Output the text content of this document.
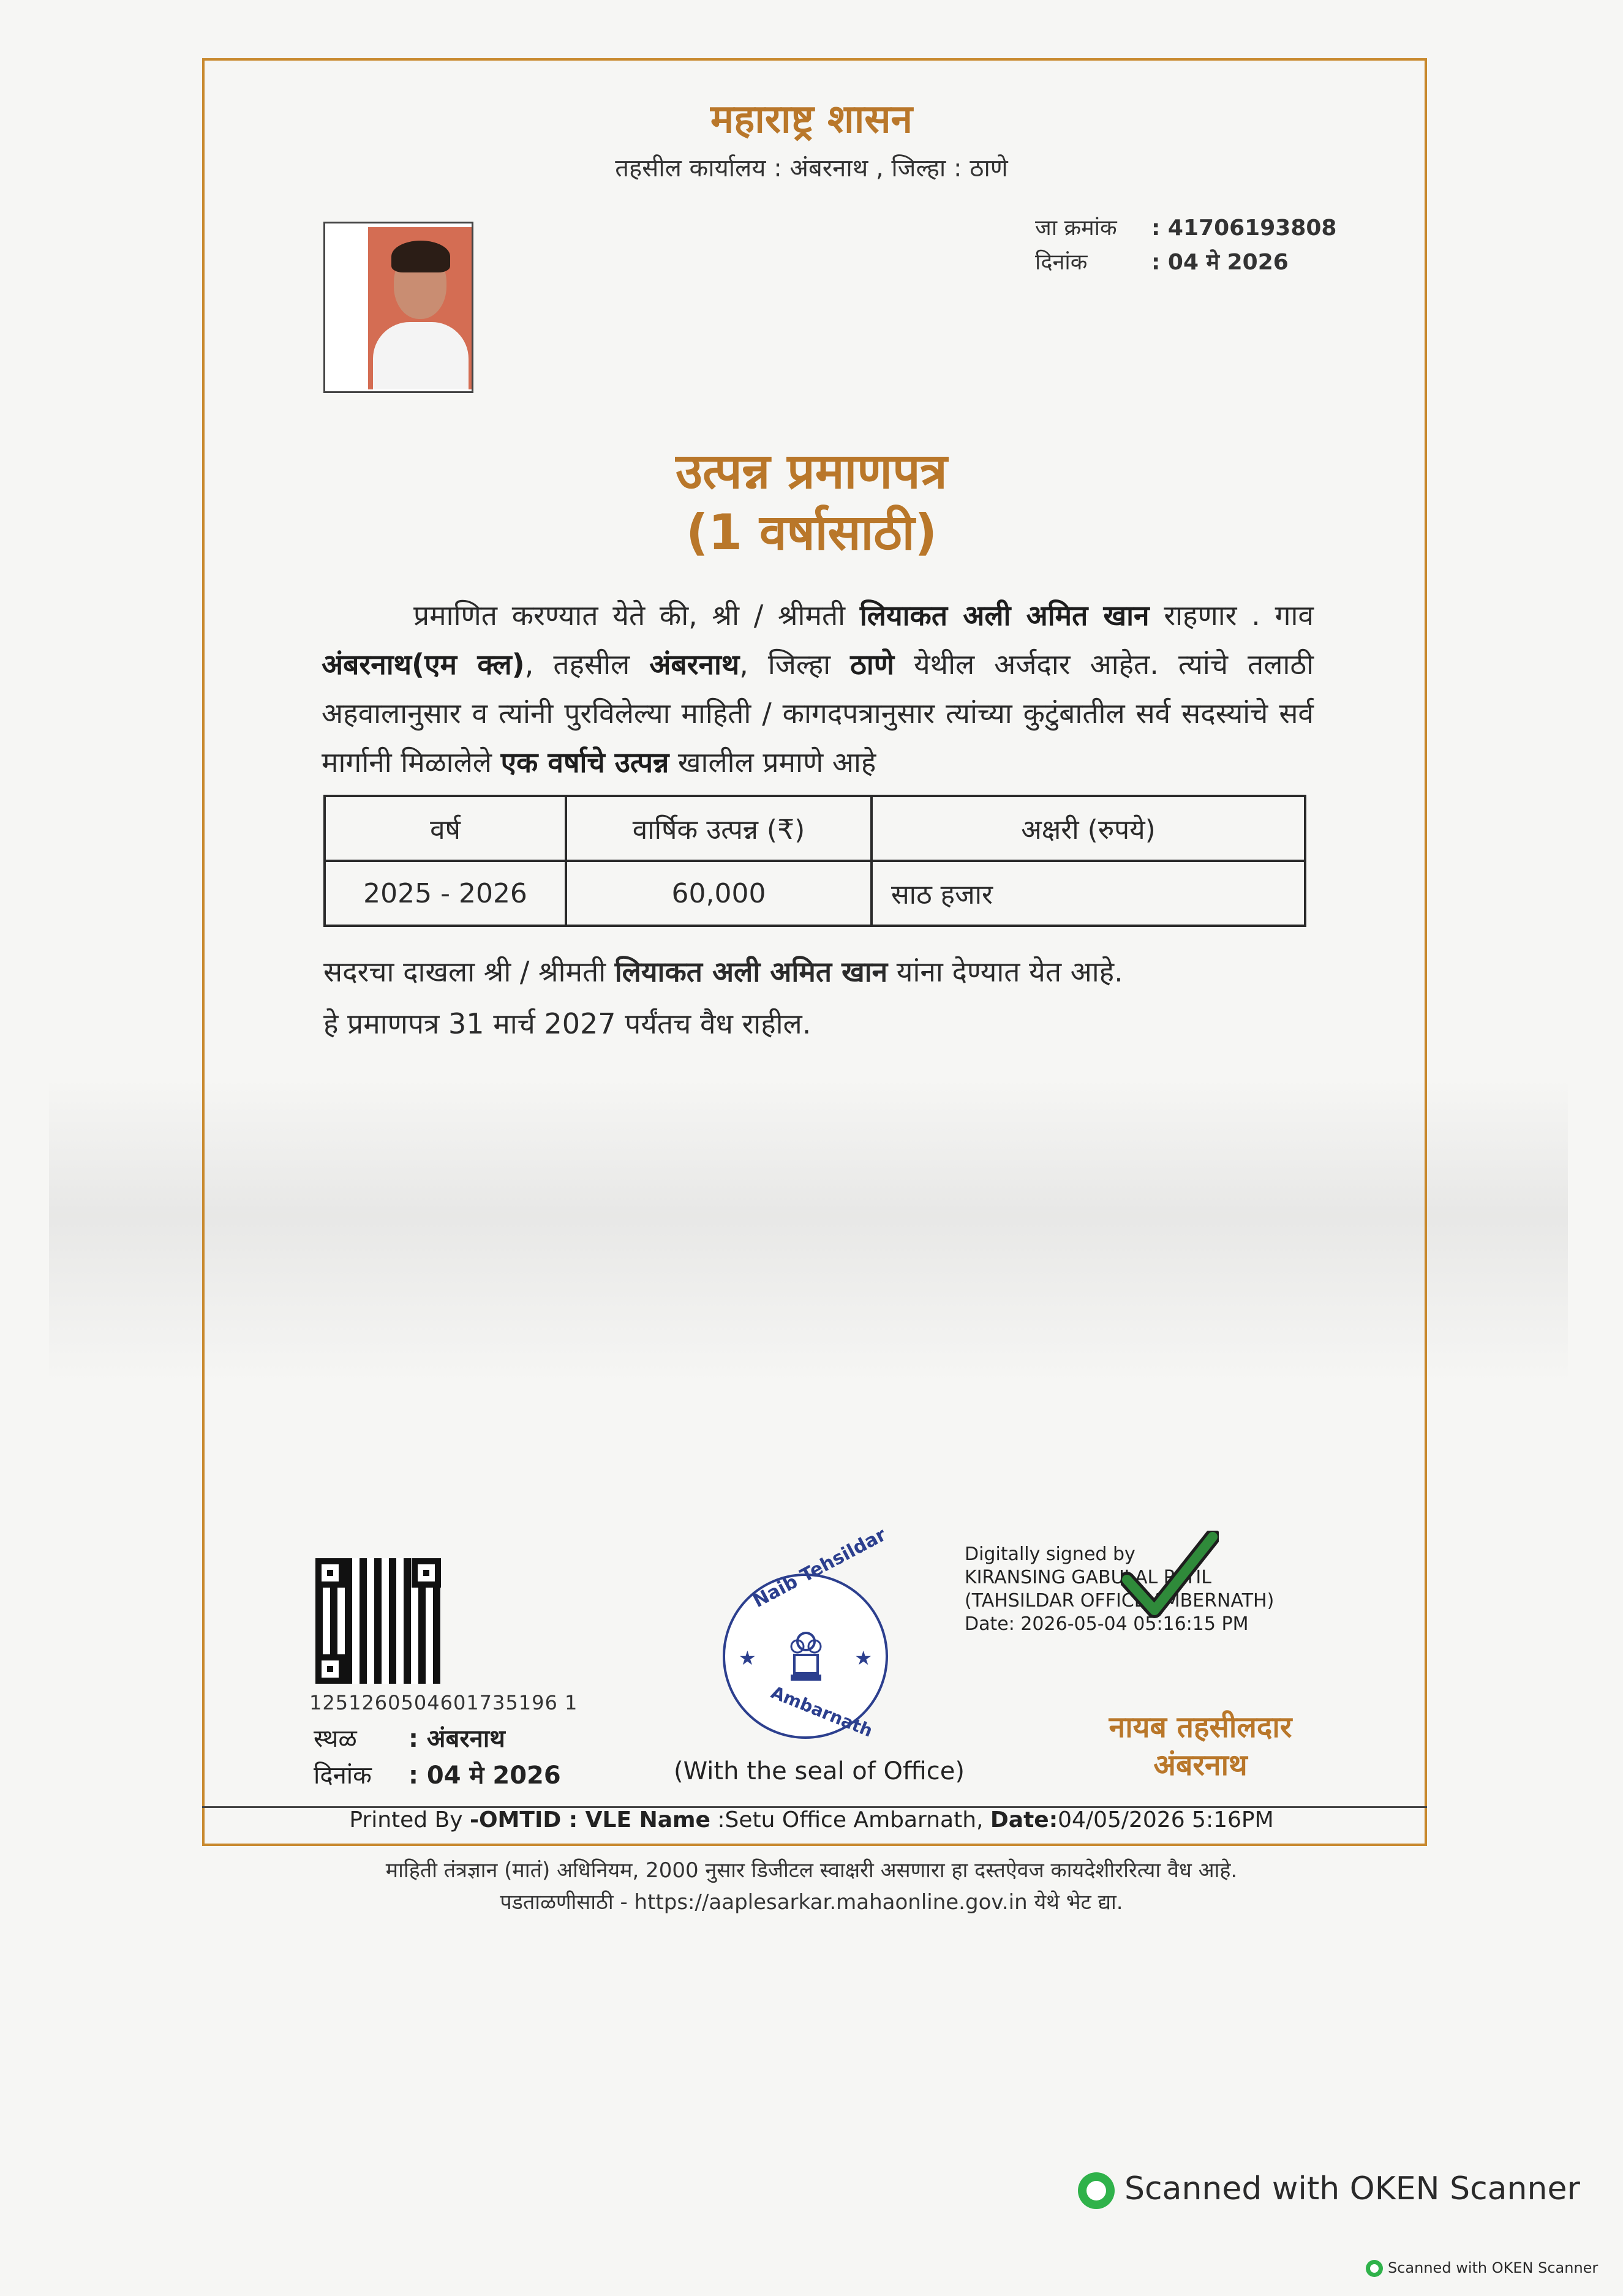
महाराष्ट्र शासन
तहसील कार्यालय : अंबरनाथ , जिल्हा : ठाणे
जा क्रमांक : 41706193808
दिनांक	: 04 मे 2026
उत्पन्न प्रमाणपत्र
(1 वर्षासाठी)
प्रमाणित करण्यात येते की, श्री / श्रीमती लियाकत अली अमित खान राहणार . गाव अंबरनाथ(एम क्ल), तहसील अंबरनाथ, जिल्हा ठाणे येथील अर्जदार आहेत. त्यांचे तलाठी अहवालानुसार व त्यांनी पुरविलेल्या माहिती / कागदपत्रानुसार त्यांच्या कुटुंबातील सर्व सदस्यांचे सर्व मार्गानी मिळालेले एक वर्षाचे उत्पन्न खालील प्रमाणे आहे
वर्ष	वार्षिक उत्पन्न (₹)	अक्षरी (रुपये)
2025 - 2026	60,000	साठ हजार
सदरचा दाखला श्री / श्रीमती लियाकत अली अमित खान यांना देण्यात येत आहे.
हे प्रमाणपत्र 31 मार्च 2027 पर्यंतच वैध राहील.
1251260504601735196 1
स्थळ : अंबरनाथ
दिनांक : 04 मे 2026
Naib Tehsildar
★	★
Ambarnath
(With the seal of Office)
Digitally signed by
KIRANSING GABULAL PATIL
(TAHSILDAR OFFICE AMBERNATH)
Date: 2026-05-04 05:16:15 PM
नायब तहसीलदार
अंबरनाथ
Printed By -OMTID : VLE Name :Setu Office Ambarnath, Date:04/05/2026 5:16PM
माहिती तंत्रज्ञान (मातं) अधिनियम, 2000 नुसार डिजीटल स्वाक्षरी असणारा हा दस्तऐवज कायदेशीररित्या वैध आहे.
पडताळणीसाठी - https://aaplesarkar.mahaonline.gov.in येथे भेट द्या.
Scanned with OKEN Scanner
Scanned with OKEN Scanner
